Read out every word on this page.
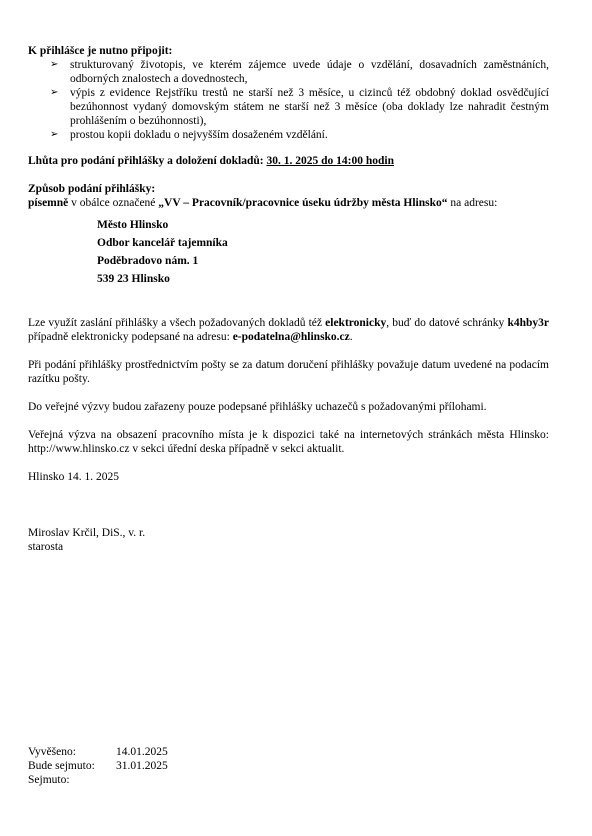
K přihlášce je nutno připojit:
➢ strukturovaný životopis, ve kterém zájemce uvede údaje o vzdělání, dosavadních zaměstnáních, odborných znalostech a dovednostech,
➢ výpis z evidence Rejstříku trestů ne starší než 3 měsíce, u cizinců též obdobný doklad osvědčující bezúhonnost vydaný domovským státem ne starší než 3 měsíce (oba doklady lze nahradit čestným prohlášením o bezúhonnosti),
➢ prostou kopii dokladu o nejvyšším dosaženém vzdělání.
Lhůta pro podání přihlášky a doložení dokladů: 30. 1. 2025 do 14:00 hodin
Způsob podání přihlášky:

písemně v obálce označené „VV – Pracovník/pracovnice úseku údržby města Hlinsko“ na adresu:

Město Hlinsko
Odbor kancelář tajemníka
Poděbradovo nám. 1
539 23 Hlinsko

Lze využít zaslání přihlášky a všech požadovaných dokladů též elektronicky, buď do datové schránky k4hby3r případně elektronicky podepsané na adresu: e-podatelna@hlinsko.cz.

Při podání přihlášky prostřednictvím pošty se za datum doručení přihlášky považuje datum uvedené na podacím razítku pošty.

Do veřejné výzvy budou zařazeny pouze podepsané přihlášky uchazečů s požadovanými přílohami.

Veřejná výzva na obsazení pracovního místa je k dispozici také na internetových stránkách města Hlinsko: http://www.hlinsko.cz v sekci úřední deska případně v sekci aktualit.

Hlinsko 14. 1. 2025
Miroslav Krčil, DiS., v. r.
starosta
Vyvěšeno:	14.01.2025
Bude sejmuto:	31.01.2025
Sejmuto:
